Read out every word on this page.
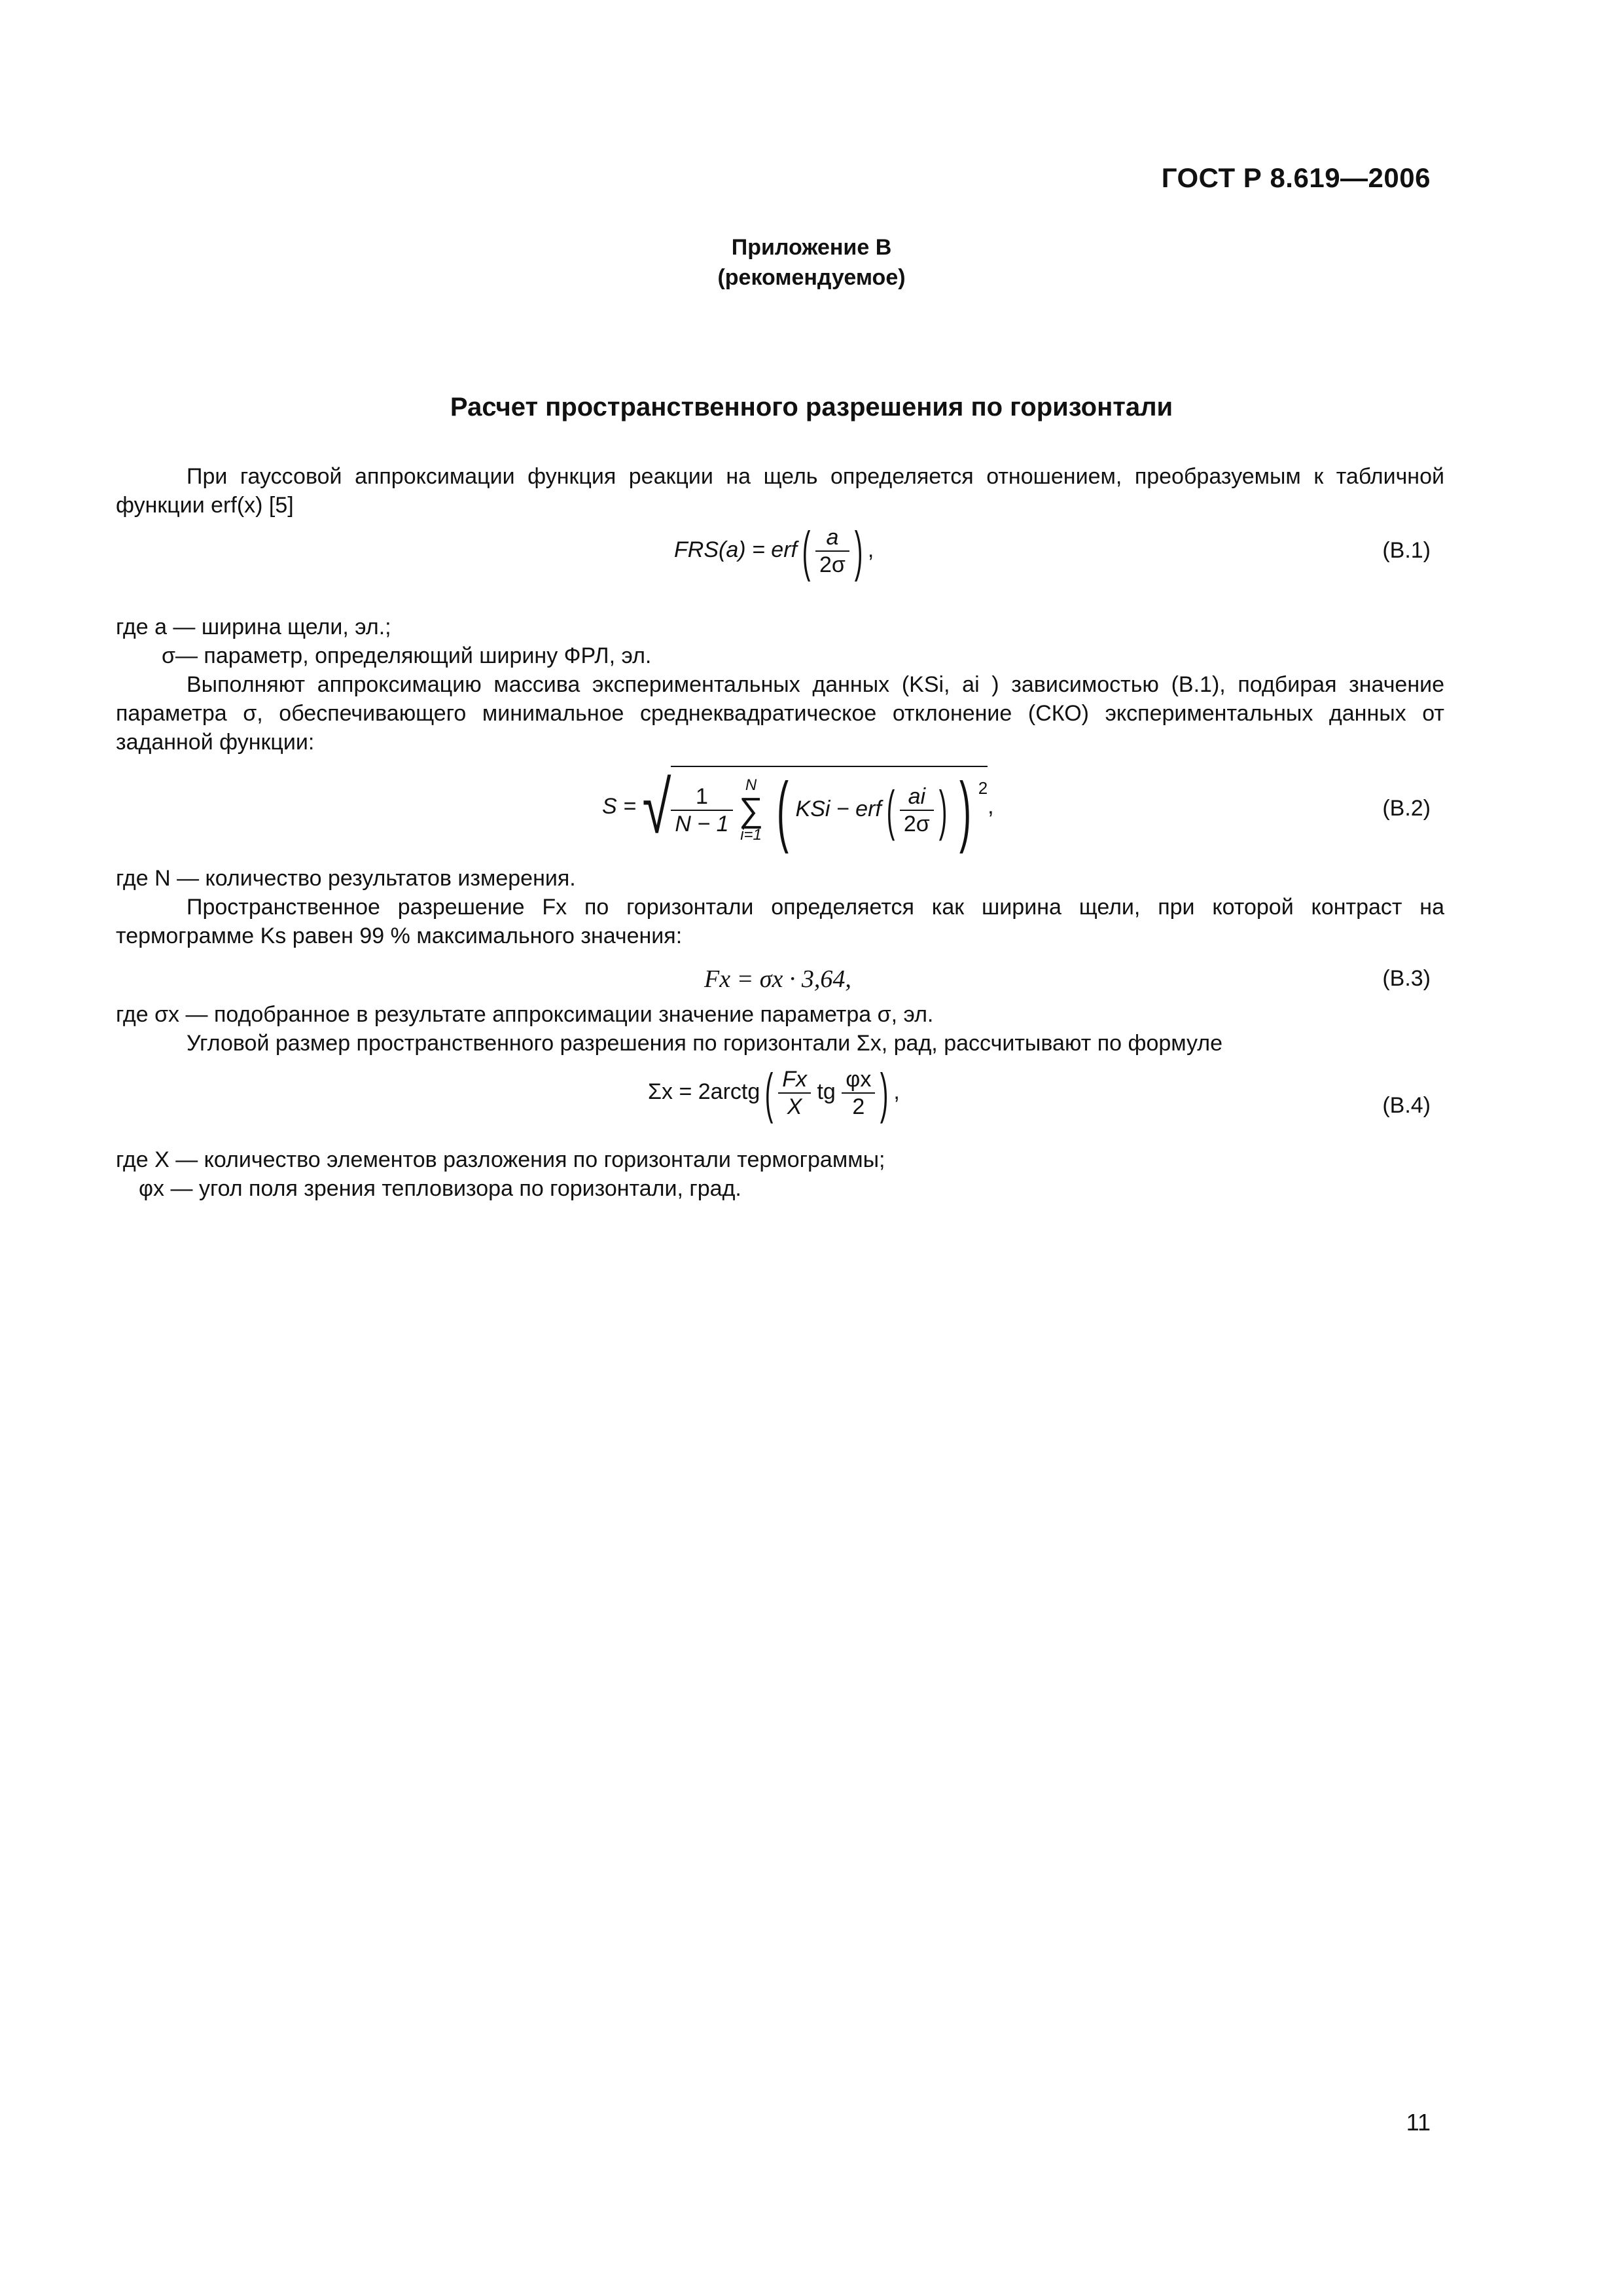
ГОСТ Р 8.619—2006
Приложение В
(рекомендуемое)
Расчет пространственного разрешения по горизонтали
При гауссовой аппроксимации функция реакции на щель определяется отношением, преобразуемым к табличной функции erf(x) [5]
$FRS(a) = erf( \frac{a}{2\sigma}$ ) ,	(В.1)
где a — ширина щели, эл.;
σ— параметр, определяющий ширину ФРЛ, эл.
Выполняют аппроксимацию массива экспериментальных данных (KSi, ai ) зависимостью (В.1), подбирая значение параметра σ, обеспечивающего минимальное среднеквадратическое отклонение (СКО) экспериментальных данных от заданной функции:
S = √ $\frac{1}{N - 1}$
N
∑
i=1 ( KSi − $erf( \frac{ai}{2\sigma}$ ) ) $^2$,	(В.2)
где N — количество результатов измерения.
Пространственное разрешение Fx по горизонтали определяется как ширина щели, при которой контраст на термограмме Ks равен 99 % максимального значения:
Fx = σx · 3,64,	(В.3)
где σx — подобранное в результате аппроксимации значение параметра σ, эл.
Угловой размер пространственного разрешения по горизонтали Σx, рад, рассчитывают по формуле
Σx = 2arctg( $\frac{Fx}{X}$ tg $\frac{\varphi x}{2}$ ) ,
(В.4)
где X — количество элементов разложения по горизонтали термограммы;
φx — угол поля зрения тепловизора по горизонтали, град.
11
